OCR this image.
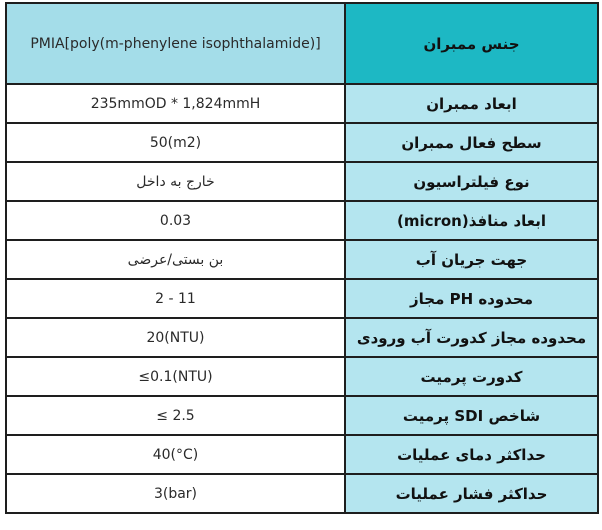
PMIA[poly(m-phenylene isophthalamide)]	جنس ممبران
235mmOD * 1,824mmH	ابعاد ممبران
50(m2)	سطح فعال ممبران
خارج به داخل	نوع فیلتراسیون
0.03	ابعاد منافذ(micron)
بن بستی/عرضی	جهت جریان آب
2 - 11	محدوده PH مجاز
20(NTU)	محدوده مجاز کدورت آب ورودی
≤0.1(NTU)	کدورت پرمیت
≤ 2.5	شاخص SDI پرمیت
40(°C)	حداکثر دمای عملیات
3(bar)	حداکثر فشار عملیات
